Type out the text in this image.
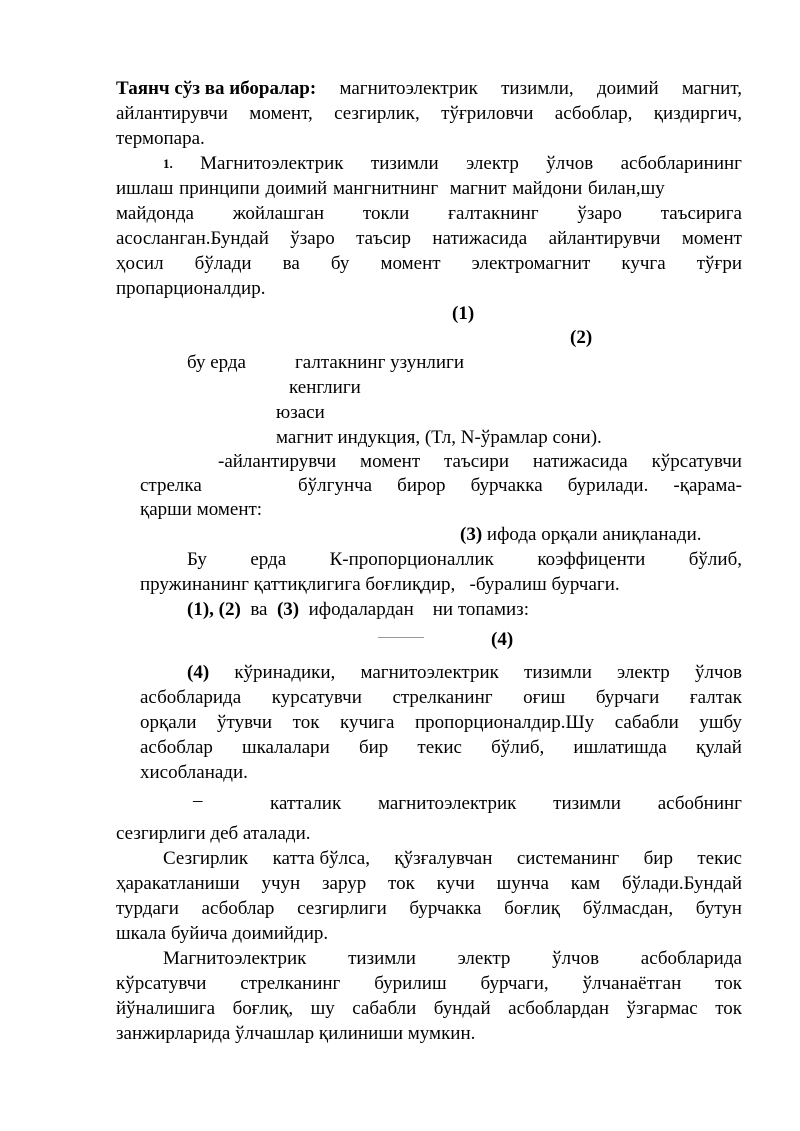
Таянч сўз ва иборалар: магнитоэлектрик тизимли, доимий магнит,
айлантирувчи момент, сезгирлик, тўғриловчи асбоблар, қиздиргич,
термопара.
1. Магнитоэлектрик тизимли электр ўлчов асбобларининг
ишлаш принципи доимий мангнитнинг магнит майдони билан,шу
майдонда жойлашган токли ғалтакнинг ўзаро таъсирига
асосланган.Бундай ўзаро таъсир натижасида айлантирувчи момент
ҳосил бўлади ва бу момент электромагнит кучга тўғри
пропарционалдир.
(1)
(2)
бу ерда	галтакнинг узунлиги
кенглиги
юзаси
магнит индукция, (Тл, N-ўрамлар сони).
-айлантирувчи момент таъсири натижасида кўрсатувчи
стрелка	бўлгунча бирор бурчакка бурилади. -қарама-
қарши момент:
(3) ифода орқали аниқланади.
Бу ерда К-пропорционаллик коэффиценти бўлиб,
пружинанинг қаттиқлигига боғлиқдир,   -буралиш бурчаги.
(1), (2) ва (3) ифодалардан    ни топамиз:
(4)
(4) кўринадики, магнитоэлектрик тизимли электр ўлчов
асбобларида курсатувчи стрелканинг оғиш бурчаги ғалтак
орқали ўтувчи ток кучига пропорционалдир.Шу сабабли ушбу
асбоблар шкалалари бир текис бўлиб, ишлатишда қулай
хисобланади.
–	катталик магнитоэлектрик тизимли асбобнинг
сезгирлиги деб аталади.
Сезгирлик катта бўлса, қўзғалувчан системанинг бир текис
ҳаракатланиши учун зарур ток кучи шунча кам бўлади.Бундай
турдаги асбоблар сезгирлиги бурчакка боғлиқ бўлмасдан, бутун
шкала буйича доимийдир.
Магнитоэлектрик тизимли электр ўлчов асбобларида
кўрсатувчи стрелканинг бурилиш бурчаги, ўлчанаётган ток
йўналишига боғлиқ, шу сабабли бундай асбоблардан ўзгармас ток
занжирларида ўлчашлар қилиниши мумкин.
